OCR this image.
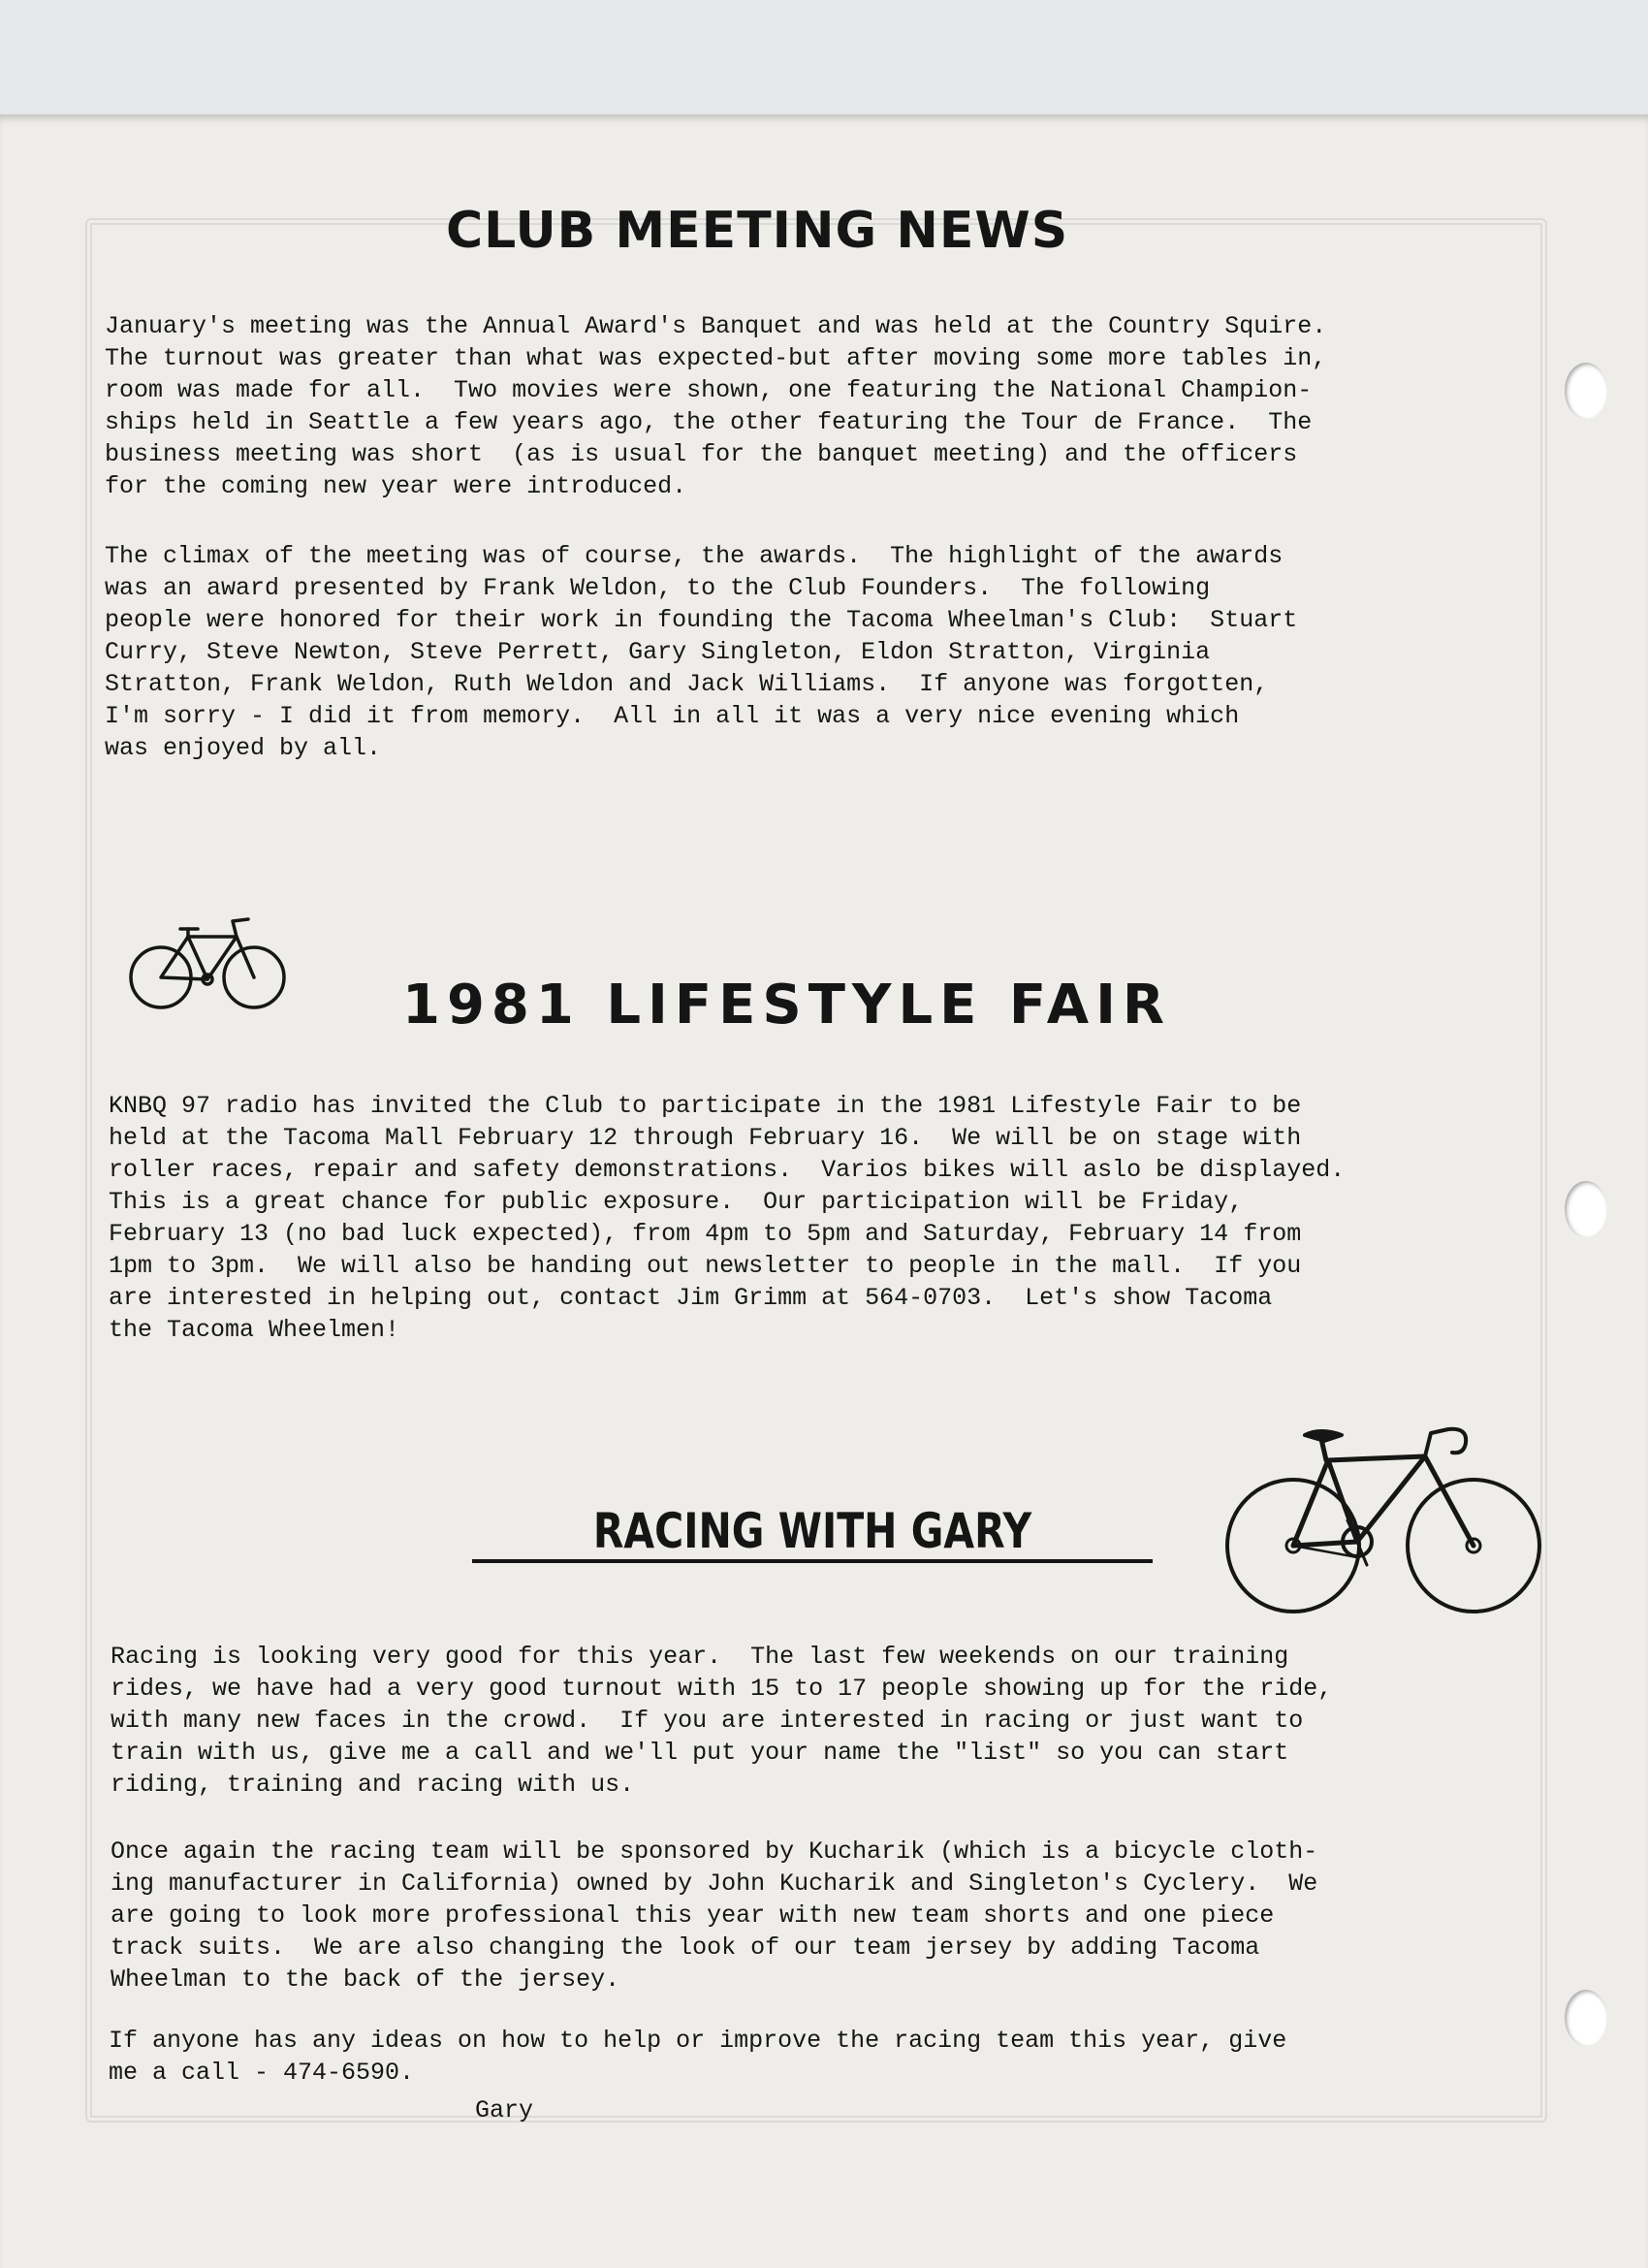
CLUB MEETING NEWS

January's meeting was the Annual Award's Banquet and was held at the Country Squire.
The turnout was greater than what was expected-but after moving some more tables in,
room was made for all.  Two movies were shown, one featuring the National Champion-
ships held in Seattle a few years ago, the other featuring the Tour de France.  The
business meeting was short  (as is usual for the banquet meeting) and the officers
for the coming new year were introduced.

The climax of the meeting was of course, the awards.  The highlight of the awards
was an award presented by Frank Weldon, to the Club Founders.  The following
people were honored for their work in founding the Tacoma Wheelman's Club:  Stuart
Curry, Steve Newton, Steve Perrett, Gary Singleton, Eldon Stratton, Virginia
Stratton, Frank Weldon, Ruth Weldon and Jack Williams.  If anyone was forgotten,
I'm sorry - I did it from memory.  All in all it was a very nice evening which
was enjoyed by all.

1981 LIFESTYLE FAIR

KNBQ 97 radio has invited the Club to participate in the 1981 Lifestyle Fair to be
held at the Tacoma Mall February 12 through February 16.  We will be on stage with
roller races, repair and safety demonstrations.  Varios bikes will aslo be displayed.
This is a great chance for public exposure.  Our participation will be Friday,
February 13 (no bad luck expected), from 4pm to 5pm and Saturday, February 14 from
1pm to 3pm.  We will also be handing out newsletter to people in the mall.  If you
are interested in helping out, contact Jim Grimm at 564-0703.  Let's show Tacoma
the Tacoma Wheelmen!

RACING WITH GARY

Racing is looking very good for this year.  The last few weekends on our training
rides, we have had a very good turnout with 15 to 17 people showing up for the ride,
with many new faces in the crowd.  If you are interested in racing or just want to
train with us, give me a call and we'll put your name the "list" so you can start
riding, training and racing with us.

Once again the racing team will be sponsored by Kucharik (which is a bicycle cloth-
ing manufacturer in California) owned by John Kucharik and Singleton's Cyclery.  We
are going to look more professional this year with new team shorts and one piece
track suits.  We are also changing the look of our team jersey by adding Tacoma
Wheelman to the back of the jersey.

If anyone has any ideas on how to help or improve the racing team this year, give
me a call - 474-6590.

Gary
